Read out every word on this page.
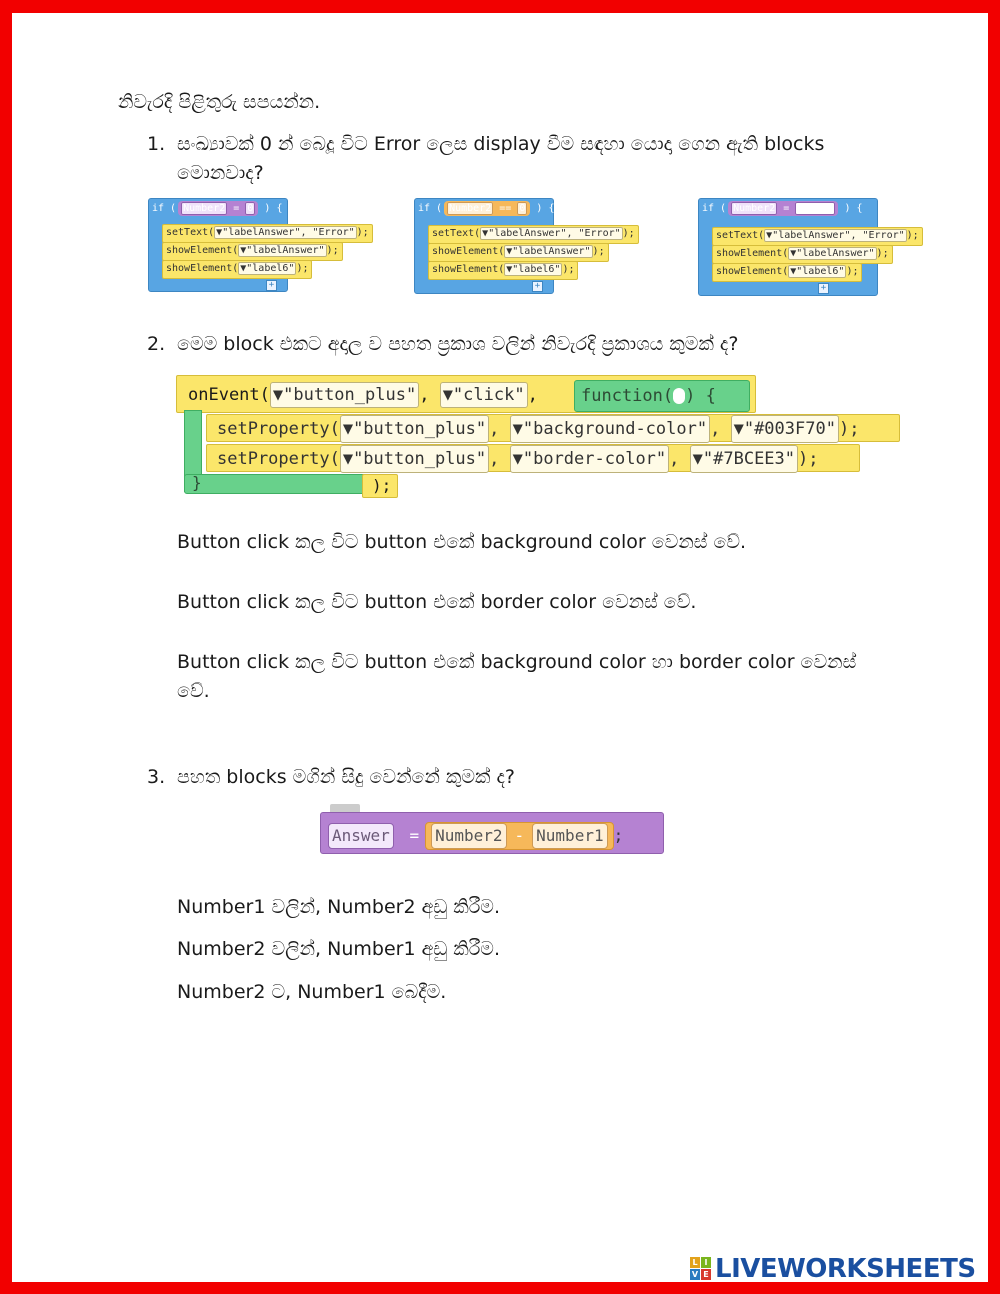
නිවැරදි පිළිතුරු සපයන්න.
1. සංඛ්‍යාවක් 0 න් බෙදූ විට Error ලෙස display වීම සඳහා යොදා ගෙන ඇති blocks
මොනවාද?
if ( Number2 = 0 ) {
setText( ▼"labelAnswer", "Error" );
showElement( ▼"labelAnswer" );
showElement( ▼"label6" );
+
if ( Number2 == 0 ) {
setText( ▼"labelAnswer", "Error" );
showElement( ▼"labelAnswer" );
showElement( ▼"label6" );
+
if ( Number2 = "ZERO" ) {
setText( ▼"labelAnswer", "Error" );
showElement( ▼"labelAnswer" );
showElement( ▼"label6" );
+
2. මෙම block එකට අදාල ව පහත ප්‍රකාශ වලින් නිවැරදි ප්‍රකාශය කුමක් ද?
onEvent( ▼"button_plus" , ▼"click" ,	function( ) {
setProperty( ▼"button_plus" , ▼"background-color" , ▼"#003F70" );
setProperty( ▼"button_plus" , ▼"border-color" , ▼"#7BCEE3" );
}	);
Button click කල විට button එකේ background color වෙනස් වේ.
Button click කල විට button එකේ border color වෙනස් වේ.
Button click කල විට button එකේ background color හා border color වෙනස් වේ.
3. පහත blocks මගින් සිදු වෙන්නේ කුමක් ද?
Answer = Number2 - Number1 ;
Number1 වලින්, Number2 අඩු කිරීම.
Number2 වලින්, Number1 අඩු කිරීම.
Number2 ට, Number1 බෙදීම.
L I
V E LIVEWORKSHEETS
